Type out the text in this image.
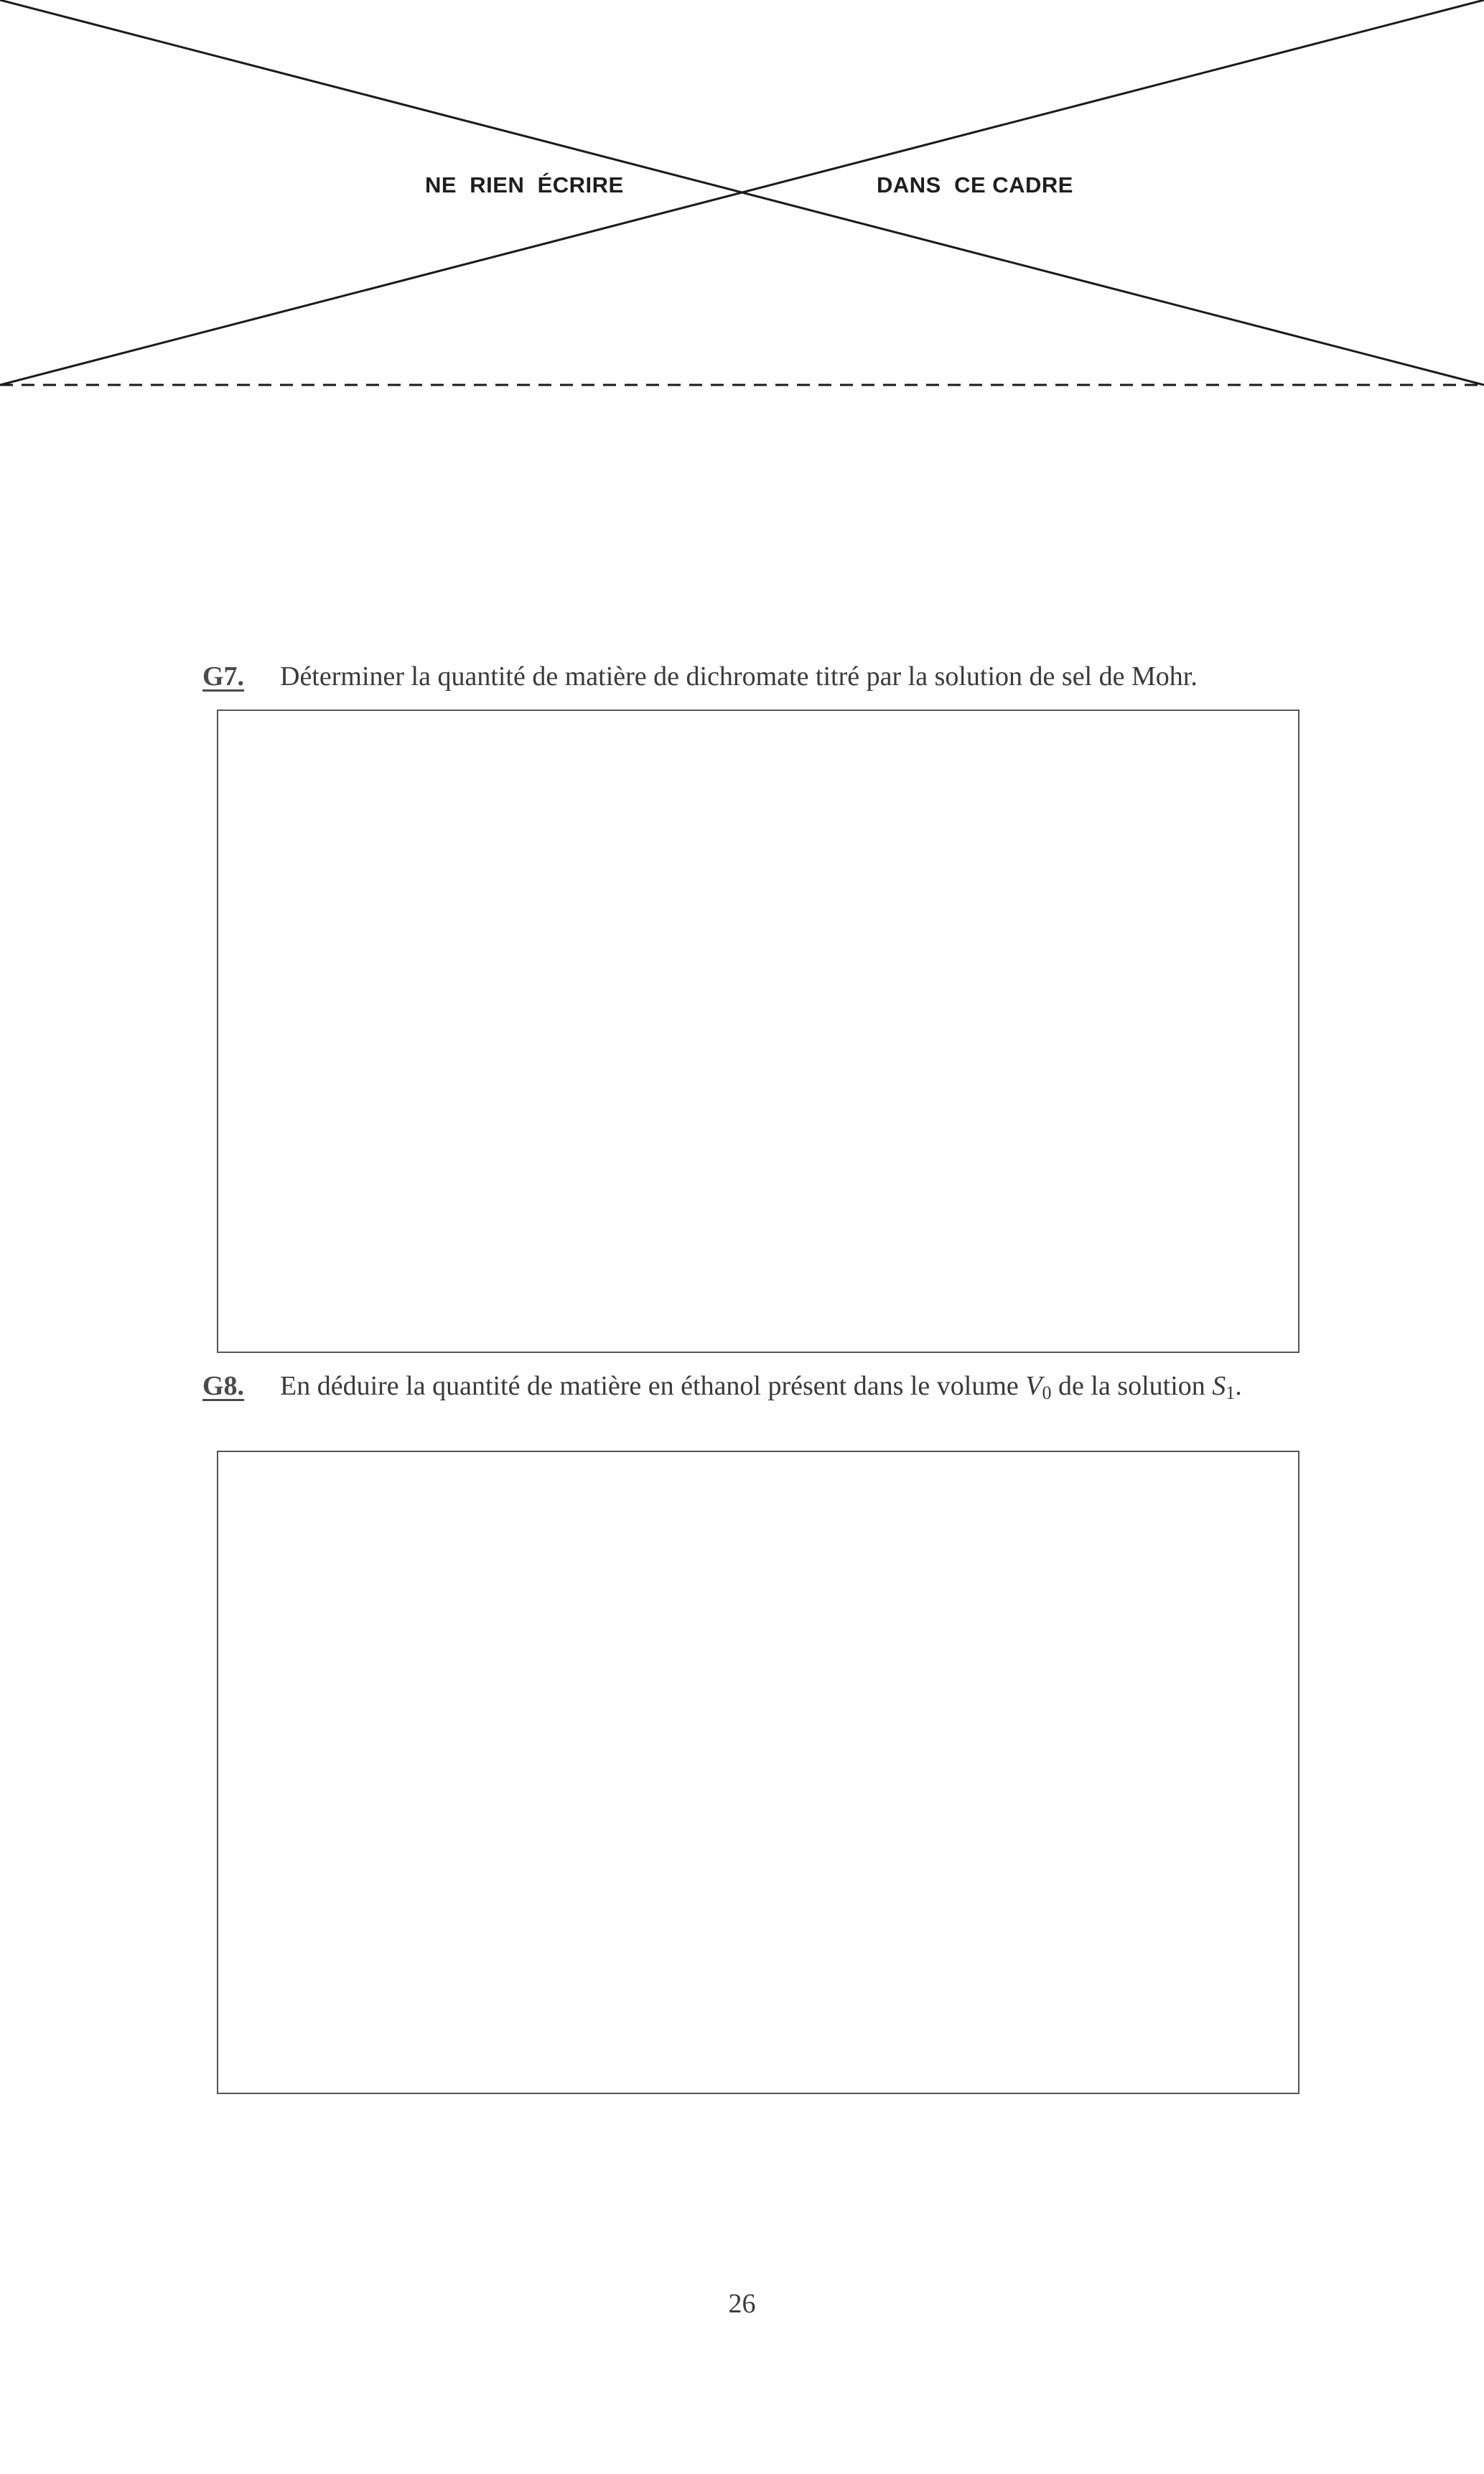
NE  RIEN  ÉCRIRE	DANS  CE CADRE
G7. Déterminer la quantité de matière de dichromate titré par la solution de sel de Mohr.
G8. En déduire la quantité de matière en éthanol présent dans le volume $V_0$ de la solution $S_1$.
26
